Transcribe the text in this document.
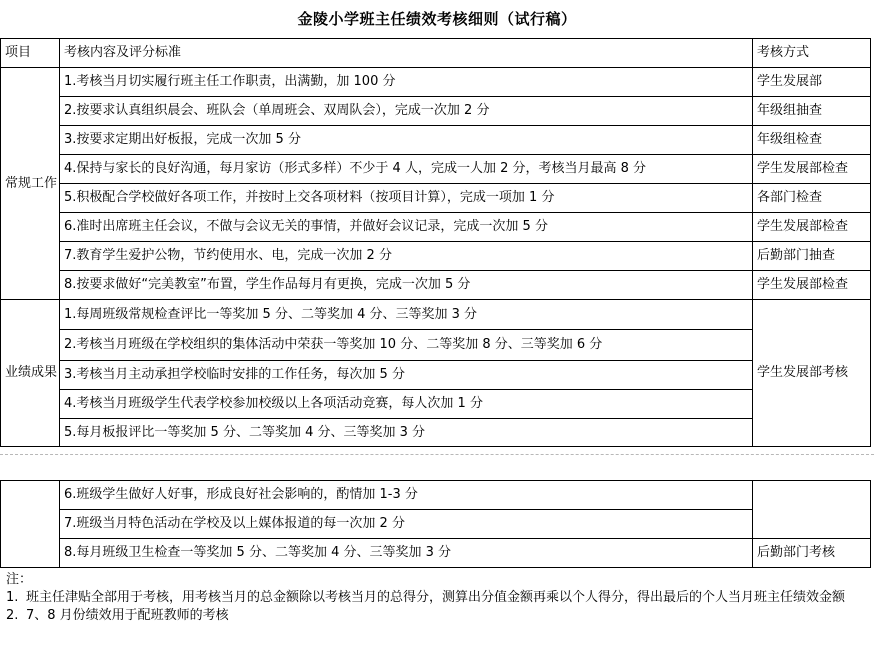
金陵小学班主任绩效考核细则（试行稿）
项目	考核内容及评分标准	考核方式
常规工作	1.考核当月切实履行班主任工作职责，出满勤，加 100 分	学生发展部
	2.按要求认真组织晨会、班队会（单周班会、双周队会），完成一次加 2 分	年级组抽查
	3.按要求定期出好板报，完成一次加 5 分	年级组检查
	4.保持与家长的良好沟通，每月家访（形式多样）不少于 4 人，完成一人加 2 分，考核当月最高 8 分	学生发展部检查
	5.积极配合学校做好各项工作，并按时上交各项材料（按项目计算），完成一项加 1 分	各部门检查
	6.准时出席班主任会议，不做与会议无关的事情，并做好会议记录，完成一次加 5 分	学生发展部检查
	7.教育学生爱护公物，节约使用水、电，完成一次加 2 分	后勤部门抽查
	8.按要求做好“完美教室”布置，学生作品每月有更换，完成一次加 5 分	学生发展部检查
业绩成果	1.每周班级常规检查评比一等奖加 5 分、二等奖加 4 分、三等奖加 3 分	学生发展部考核
	2.考核当月班级在学校组织的集体活动中荣获一等奖加 10 分、二等奖加 8 分、三等奖加 6 分	
	3.考核当月主动承担学校临时安排的工作任务，每次加 5 分	
	4.考核当月班级学生代表学校参加校级以上各项活动竞赛，每人次加 1 分	
	5.每月板报评比一等奖加 5 分、二等奖加 4 分、三等奖加 3 分	
	6.班级学生做好人好事，形成良好社会影响的，酌情加 1-3 分	
	7.班级当月特色活动在学校及以上媒体报道的每一次加 2 分	
	8.每月班级卫生检查一等奖加 5 分、二等奖加 4 分、三等奖加 3 分	后勤部门考核
注：
1. 班主任津贴全部用于考核，用考核当月的总金额除以考核当月的总得分，测算出分值金额再乘以个人得分，得出最后的个人当月班主任绩效金额
2. 7、8 月份绩效用于配班教师的考核
